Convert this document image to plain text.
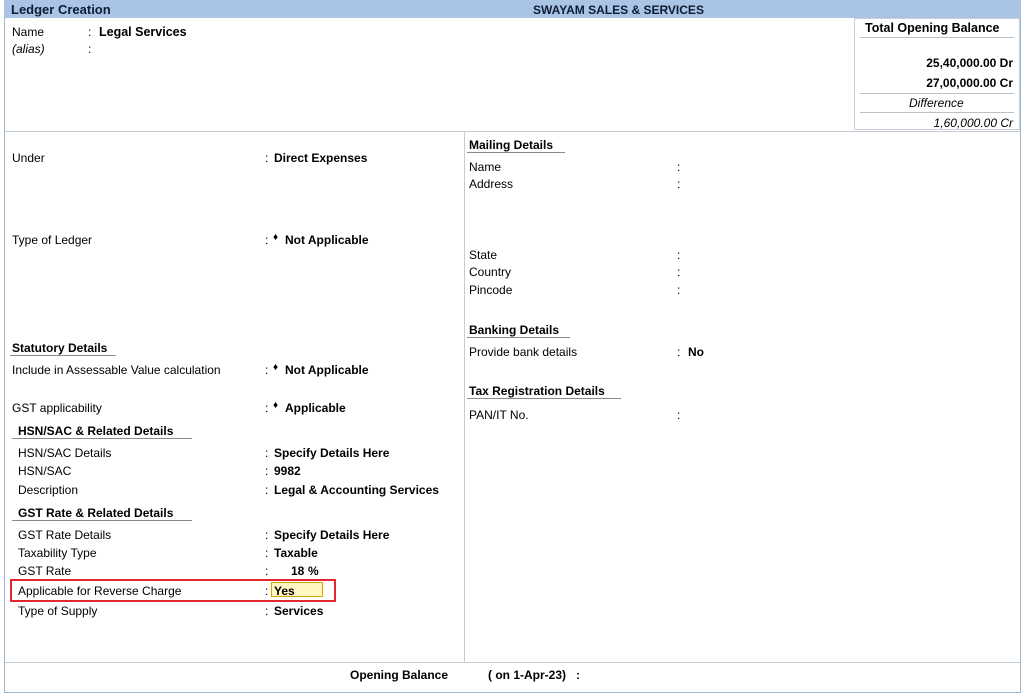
Ledger Creation	SWAYAM SALES & SERVICES
Name	: Legal Services
(alias)	:
Total Opening Balance
25,40,000.00 Dr
27,00,000.00 Cr
Difference
1,60,000.00 Cr
Under	: Direct Expenses
Type of Ledger	: ♦ Not Applicable
Statutory Details
Include in Assessable Value calculation	: ♦ Not Applicable
GST applicability	: ♦ Applicable
HSN/SAC & Related Details
HSN/SAC Details	: Specify Details Here
HSN/SAC	: 9982
Description	: Legal & Accounting Services
GST Rate & Related Details
GST Rate Details	: Specify Details Here
Taxability Type	: Taxable
GST Rate	: 18 %
Applicable for Reverse Charge	: Yes
Type of Supply	: Services
Mailing Details
Name	:
Address	:
State	:
Country	:
Pincode	:
Banking Details
Provide bank details	: No
Tax Registration Details
PAN/IT No.	:
Opening Balance	( on 1-Apr-23) :
